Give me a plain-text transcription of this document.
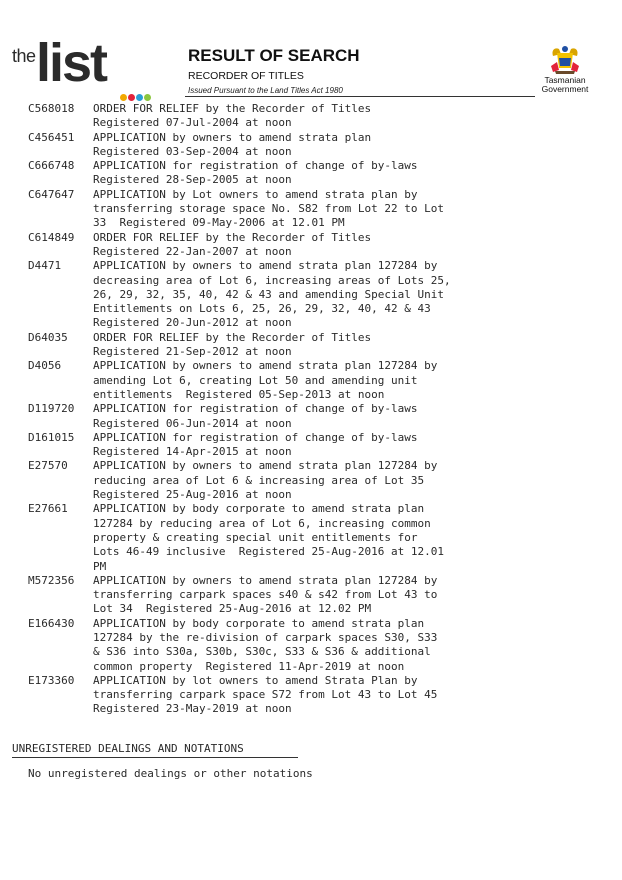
the list	RESULT OF SEARCH
RECORDER OF TITLES
Issued Pursuant to the Land Titles Act 1980
Tasmanian
Government
C568018	ORDER FOR RELIEF by the Recorder of Titles
Registered 07-Jul-2004 at noon
C456451	APPLICATION by owners to amend strata plan
Registered 03-Sep-2004 at noon
C666748	APPLICATION for registration of change of by-laws
Registered 28-Sep-2005 at noon
C647647	APPLICATION by Lot owners to amend strata plan by
transferring storage space No. S82 from Lot 22 to Lot
33  Registered 09-May-2006 at 12.01 PM
C614849	ORDER FOR RELIEF by the Recorder of Titles
Registered 22-Jan-2007 at noon
D4471	APPLICATION by owners to amend strata plan 127284 by
decreasing area of Lot 6, increasing areas of Lots 25,
26, 29, 32, 35, 40, 42 & 43 and amending Special Unit
Entitlements on Lots 6, 25, 26, 29, 32, 40, 42 & 43
Registered 20-Jun-2012 at noon
D64035	ORDER FOR RELIEF by the Recorder of Titles
Registered 21-Sep-2012 at noon
D4056	APPLICATION by owners to amend strata plan 127284 by
amending Lot 6, creating Lot 50 and amending unit
entitlements  Registered 05-Sep-2013 at noon
D119720	APPLICATION for registration of change of by-laws
Registered 06-Jun-2014 at noon
D161015	APPLICATION for registration of change of by-laws
Registered 14-Apr-2015 at noon
E27570	APPLICATION by owners to amend strata plan 127284 by
reducing area of Lot 6 & increasing area of Lot 35
Registered 25-Aug-2016 at noon
E27661	APPLICATION by body corporate to amend strata plan
127284 by reducing area of Lot 6, increasing common
property & creating special unit entitlements for
Lots 46-49 inclusive  Registered 25-Aug-2016 at 12.01
PM
M572356	APPLICATION by owners to amend strata plan 127284 by
transferring carpark spaces s40 & s42 from Lot 43 to
Lot 34  Registered 25-Aug-2016 at 12.02 PM
E166430	APPLICATION by body corporate to amend strata plan
127284 by the re-division of carpark spaces S30, S33
& S36 into S30a, S30b, S30c, S33 & S36 & additional
common property  Registered 11-Apr-2019 at noon
E173360	APPLICATION by lot owners to amend Strata Plan by
transferring carpark space S72 from Lot 43 to Lot 45
Registered 23-May-2019 at noon
UNREGISTERED DEALINGS AND NOTATIONS
No unregistered dealings or other notations
